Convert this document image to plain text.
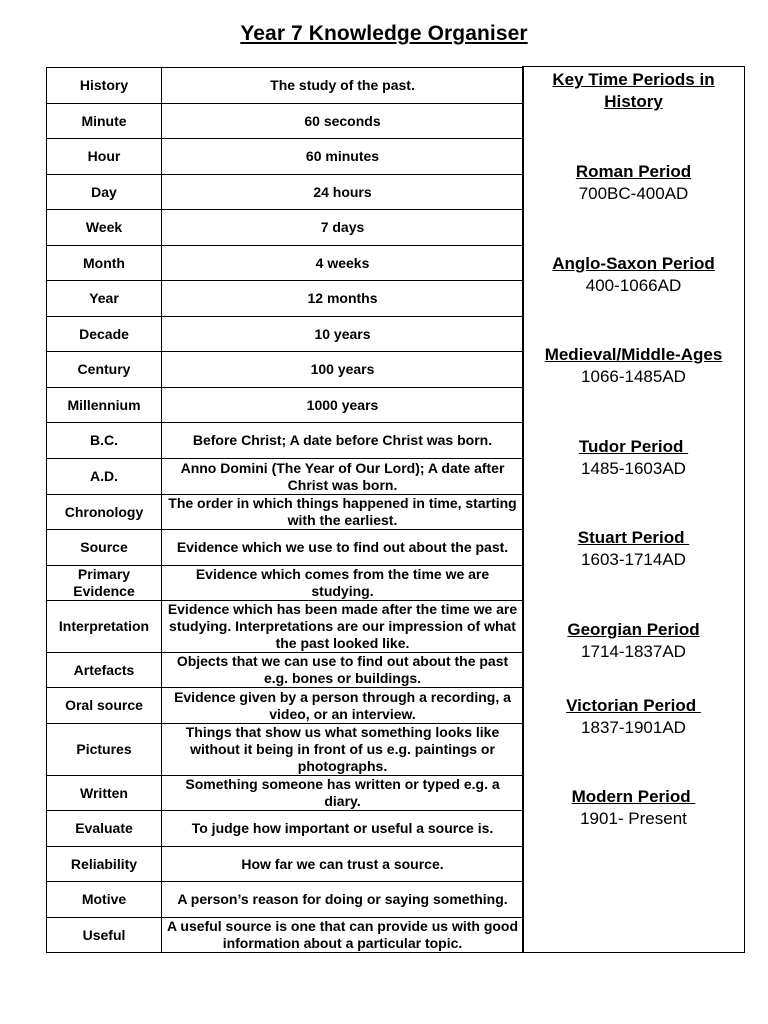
Year 7 Knowledge Organiser
History	The study of the past.
Minute	60 seconds
Hour	60 minutes
Day	24 hours
Week	7 days
Month	4 weeks
Year	12 months
Decade	10 years
Century	100 years
Millennium	1000 years
B.C.	Before Christ; A date before Christ was born.
A.D.	Anno Domini (The Year of Our Lord); A date after Christ was born.
Chronology	The order in which things happened in time, starting with the earliest.
Source	Evidence which we use to find out about the past.
Primary Evidence	Evidence which comes from the time we are studying.
Interpretation	Evidence which has been made after the time we are studying. Interpretations are our impression of what the past looked like.
Artefacts	Objects that we can use to find out about the past e.g. bones or buildings.
Oral source	Evidence given by a person through a recording, a video, or an interview.
Pictures	Things that show us what something looks like without it being in front of us e.g. paintings or photographs.
Written	Something someone has written or typed e.g. a diary.
Evaluate	To judge how important or useful a source is.
Reliability	How far we can trust a source.
Motive	A person’s reason for doing or saying something.
Useful	A useful source is one that can provide us with good information about a particular topic.
Key Time Periods in History
Roman Period
700BC-400AD
Anglo-Saxon Period
400-1066AD
Medieval/Middle-Ages
1066-1485AD
Tudor Period
1485-1603AD
Stuart Period
1603-1714AD
Georgian Period
1714-1837AD
Victorian Period
1837-1901AD
Modern Period
1901- Present
